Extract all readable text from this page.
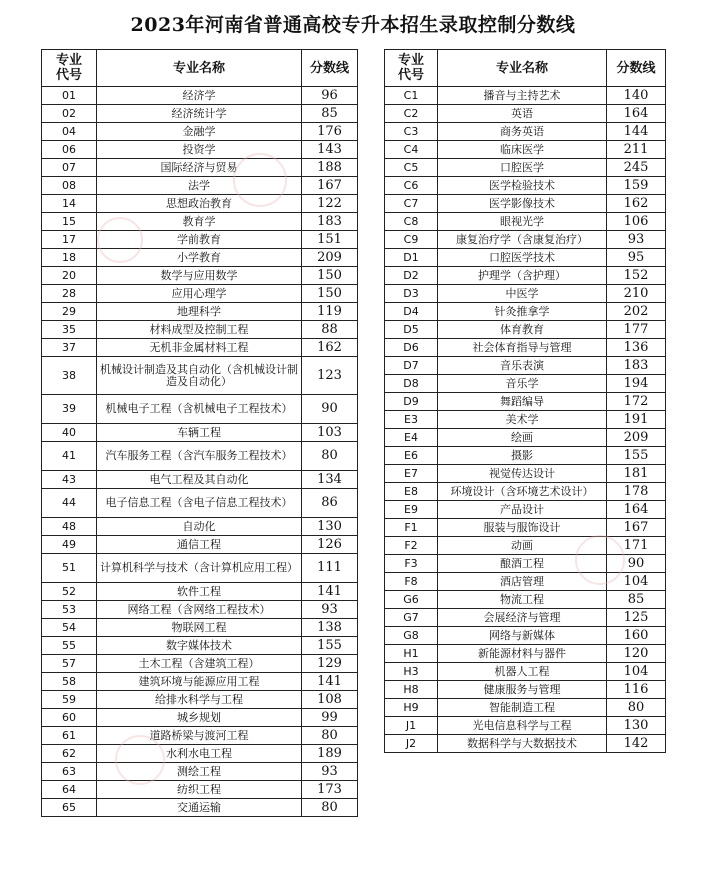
2023年河南省普通高校专升本招生录取控制分数线
专业
代号	专业名称	分数线
01	经济学	96
02	经济统计学	85
04	金融学	176
06	投资学	143
07	国际经济与贸易	188
08	法学	167
14	思想政治教育	122
15	教育学	183
17	学前教育	151
18	小学教育	209
20	数学与应用数学	150
28	应用心理学	150
29	地理科学	119
35	材料成型及控制工程	88
37	无机非金属材料工程	162
38	机械设计制造及其自动化（含机械设计制造及自动化）	123
39	机械电子工程（含机械电子工程技术）	90
40	车辆工程	103
41	汽车服务工程（含汽车服务工程技术）	80
43	电气工程及其自动化	134
44	电子信息工程（含电子信息工程技术）	86
48	自动化	130
49	通信工程	126
51	计算机科学与技术（含计算机应用工程）	111
52	软件工程	141
53	网络工程（含网络工程技术）	93
54	物联网工程	138
55	数字媒体技术	155
57	土木工程（含建筑工程）	129
58	建筑环境与能源应用工程	141
59	给排水科学与工程	108
60	城乡规划	99
61	道路桥梁与渡河工程	80
62	水利水电工程	189
63	测绘工程	93
64	纺织工程	173
65	交通运输	80
专业
代号	专业名称	分数线
C1	播音与主持艺术	140
C2	英语	164
C3	商务英语	144
C4	临床医学	211
C5	口腔医学	245
C6	医学检验技术	159
C7	医学影像技术	162
C8	眼视光学	106
C9	康复治疗学（含康复治疗）	93
D1	口腔医学技术	95
D2	护理学（含护理）	152
D3	中医学	210
D4	针灸推拿学	202
D5	体育教育	177
D6	社会体育指导与管理	136
D7	音乐表演	183
D8	音乐学	194
D9	舞蹈编导	172
E3	美术学	191
E4	绘画	209
E6	摄影	155
E7	视觉传达设计	181
E8	环境设计（含环境艺术设计）	178
E9	产品设计	164
F1	服装与服饰设计	167
F2	动画	171
F3	酿酒工程	90
F8	酒店管理	104
G6	物流工程	85
G7	会展经济与管理	125
G8	网络与新媒体	160
H1	新能源材料与器件	120
H3	机器人工程	104
H8	健康服务与管理	116
H9	智能制造工程	80
J1	光电信息科学与工程	130
J2	数据科学与大数据技术	142
